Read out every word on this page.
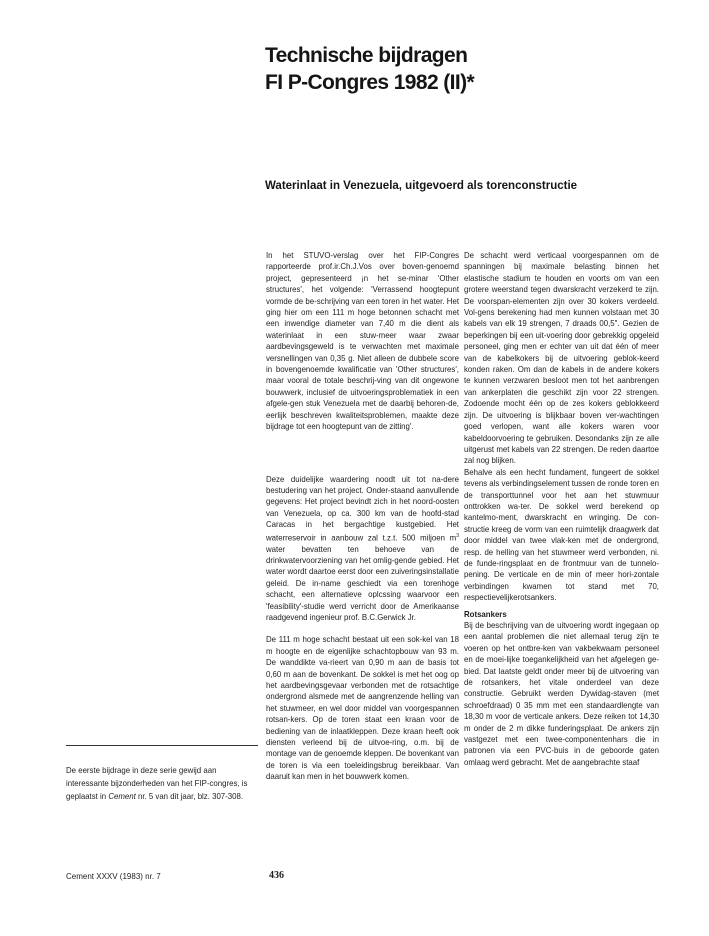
Technische bijdragen
FI P-Congres 1982 (II)*
Waterinlaat in Venezuela, uitgevoerd als torenconstructie

In het STUVO-verslag over het FIP-Congres rapporteerde prof.ir.Ch.J.Vos over boven-genoemd project, gepresenteerd ¡n het se-minar 'Other structures', het volgende: 'Verrassend hoogtepunt vormde de be-schrijving van een toren in het water. Het ging hier om een 111 m hoge betonnen schacht met een inwendige diameter van 7,40 m die dient als waterinlaat in een stuw-meer waar zwaar aardbevingsgeweld is te verwachten met maximale versnellingen van 0,35 g. Niet alleen de dubbele score in bovengenoemde kwalificatie van 'Other structures', maar vooral de totale beschrij-ving van dit ongewone bouwwerk, inclusief de uitvoeringsproblematiek in een afgele-gen stuk Venezuela met de daarbij behoren-de, eerlijk beschreven kwaliteitsproblemen, maakte deze bijdrage tot een hoogtepunt van de zitting'.

Deze duidelijke waardering noodt uit tot na-dere bestudering van het project. Onder-staand aanvullende gegevens: Het project bevindt zich in het noord-oosten van Venezuela, op ca. 300 km van de hoofd-stad Caracas in het bergachtige kustgebied. Het waterreservoir in aanbouw zal t.z.t. 500 miljoen $m^3$ water bevatten ten behoeve van de drinkwatervoorziening van het omlig-gende gebied. Het water wordt daartoe eerst door een zuiveringsinstallatie geleid. De in-name geschiedt via een torenhoge schacht, een alternatieve oplcssing waarvoor een 'feasibility'-studie werd verricht door de Amerikaanse raadgevend ingenieur prof. B.C.Gerwick Jr.

De 111 m hoge schacht bestaat uit een sok-kel van 18 m hoogte en de eigenlijke schachtopbouw van 93 m. De wanddikte va-rieert van 0,90 m aan de basis tot 0,60 m aan de bovenkant. De sokkel is met het oog op het aardbevingsgevaar verbonden met de rotsachtige ondergrond alsmede met de aangrenzende helling van het stuwmeer, en wel door middel van voorgespannen rotsan-kers. Op de toren staat een kraan voor de bediening van de inlaatkleppen. Deze kraan heeft ook diensten verleend bij de uitvoe-ring, o.m. bij de montage van de genoemde kleppen. De bovenkant van de toren is via een toeleidingsbrug bereikbaar. Van daaruit kan men in het bouwwerk komen.

De schacht werd verticaal voorgespannen om de spanningen bij maximale belasting binnen het elastische stadium te houden en voorts om van een grotere weerstand tegen dwarskracht verzekerd te zijn. De voorspan-elementen zijn over 30 kokers verdeeld. Vol-gens berekening had men kunnen volstaan met 30 kabels van elk 19 strengen, 7 draads 00,5". Gezien de beperkingen bij een uit-voering door gebrekkig opgeleid personeel, ging men er echter van uit dat één of meer van de kabelkokers bij de uitvoering geblok-keerd konden raken. Om dan de kabels in de andere kokers te kunnen verzwaren besloot men tot het aanbrengen van ankerplaten die geschikt zijn voor 22 strengen. Zodoende mocht één op de zes kokers geblokkeerd zijn. De uitvoering is blijkbaar boven ver-wachtingen goed verlopen, want alle kokers waren voor kabeldoorvoering te gebruiken. Desondanks zijn ze alle uitgerust met kabels van 22 strengen. De reden daartoe zal nog blijken.

Behalve als een hecht fundament, fungeert de sokkel tevens als verbindingselement tussen de ronde toren en de transporttunnel voor het aan het stuwmuur onttrokken wa-ter. De sokkel werd berekend op kantelmo-ment, dwarskracht en wringing. De con-structie kreeg de vorm van een ruimtelijk draagwerk dat door middel van twee vlak-ken met de ondergrond, resp. de helling van het stuwmeer werd verbonden, ni. de funde-ringsplaat en de frontmuur van de tunnelo-pening. De verticale en de min of meer hori-zontale verbindingen kwamen tot stand met 70, respectievelijkerotsankers.

Rotsankers

Bij de beschrijving van de uitvoering wordt ingegaan op een aantal problemen die niet allemaal terug zijn te voeren op het ontbre-ken van vakbekwaam personeel en de moei-lijke toegankelijkheid van het afgelegen ge-bied. Dat laatste geldt onder meer bij de uitvoering van de rotsankers, het vitale onderdeel van deze constructie. Gebruikt werden Dywidag-staven (met schroefdraad) 0 35 mm met een standaardlengte van 18,30 m voor de verticale ankers. Deze reiken tot 14,30 m onder de 2 m dikke funderingsplaat. De ankers zijn vastgezet met een twee-componentenhars die in patronen via een PVC-buis in de geboorde gaten omlaag werd gebracht. Met de aangebrachte staaf

De eerste bijdrage in deze serie gewijd aan interessante bijzonderheden van het FIP-congres, is geplaatst in Cement nr. 5 van dit jaar, blz. 307-308.
Cement XXXV (1983) nr. 7	436
